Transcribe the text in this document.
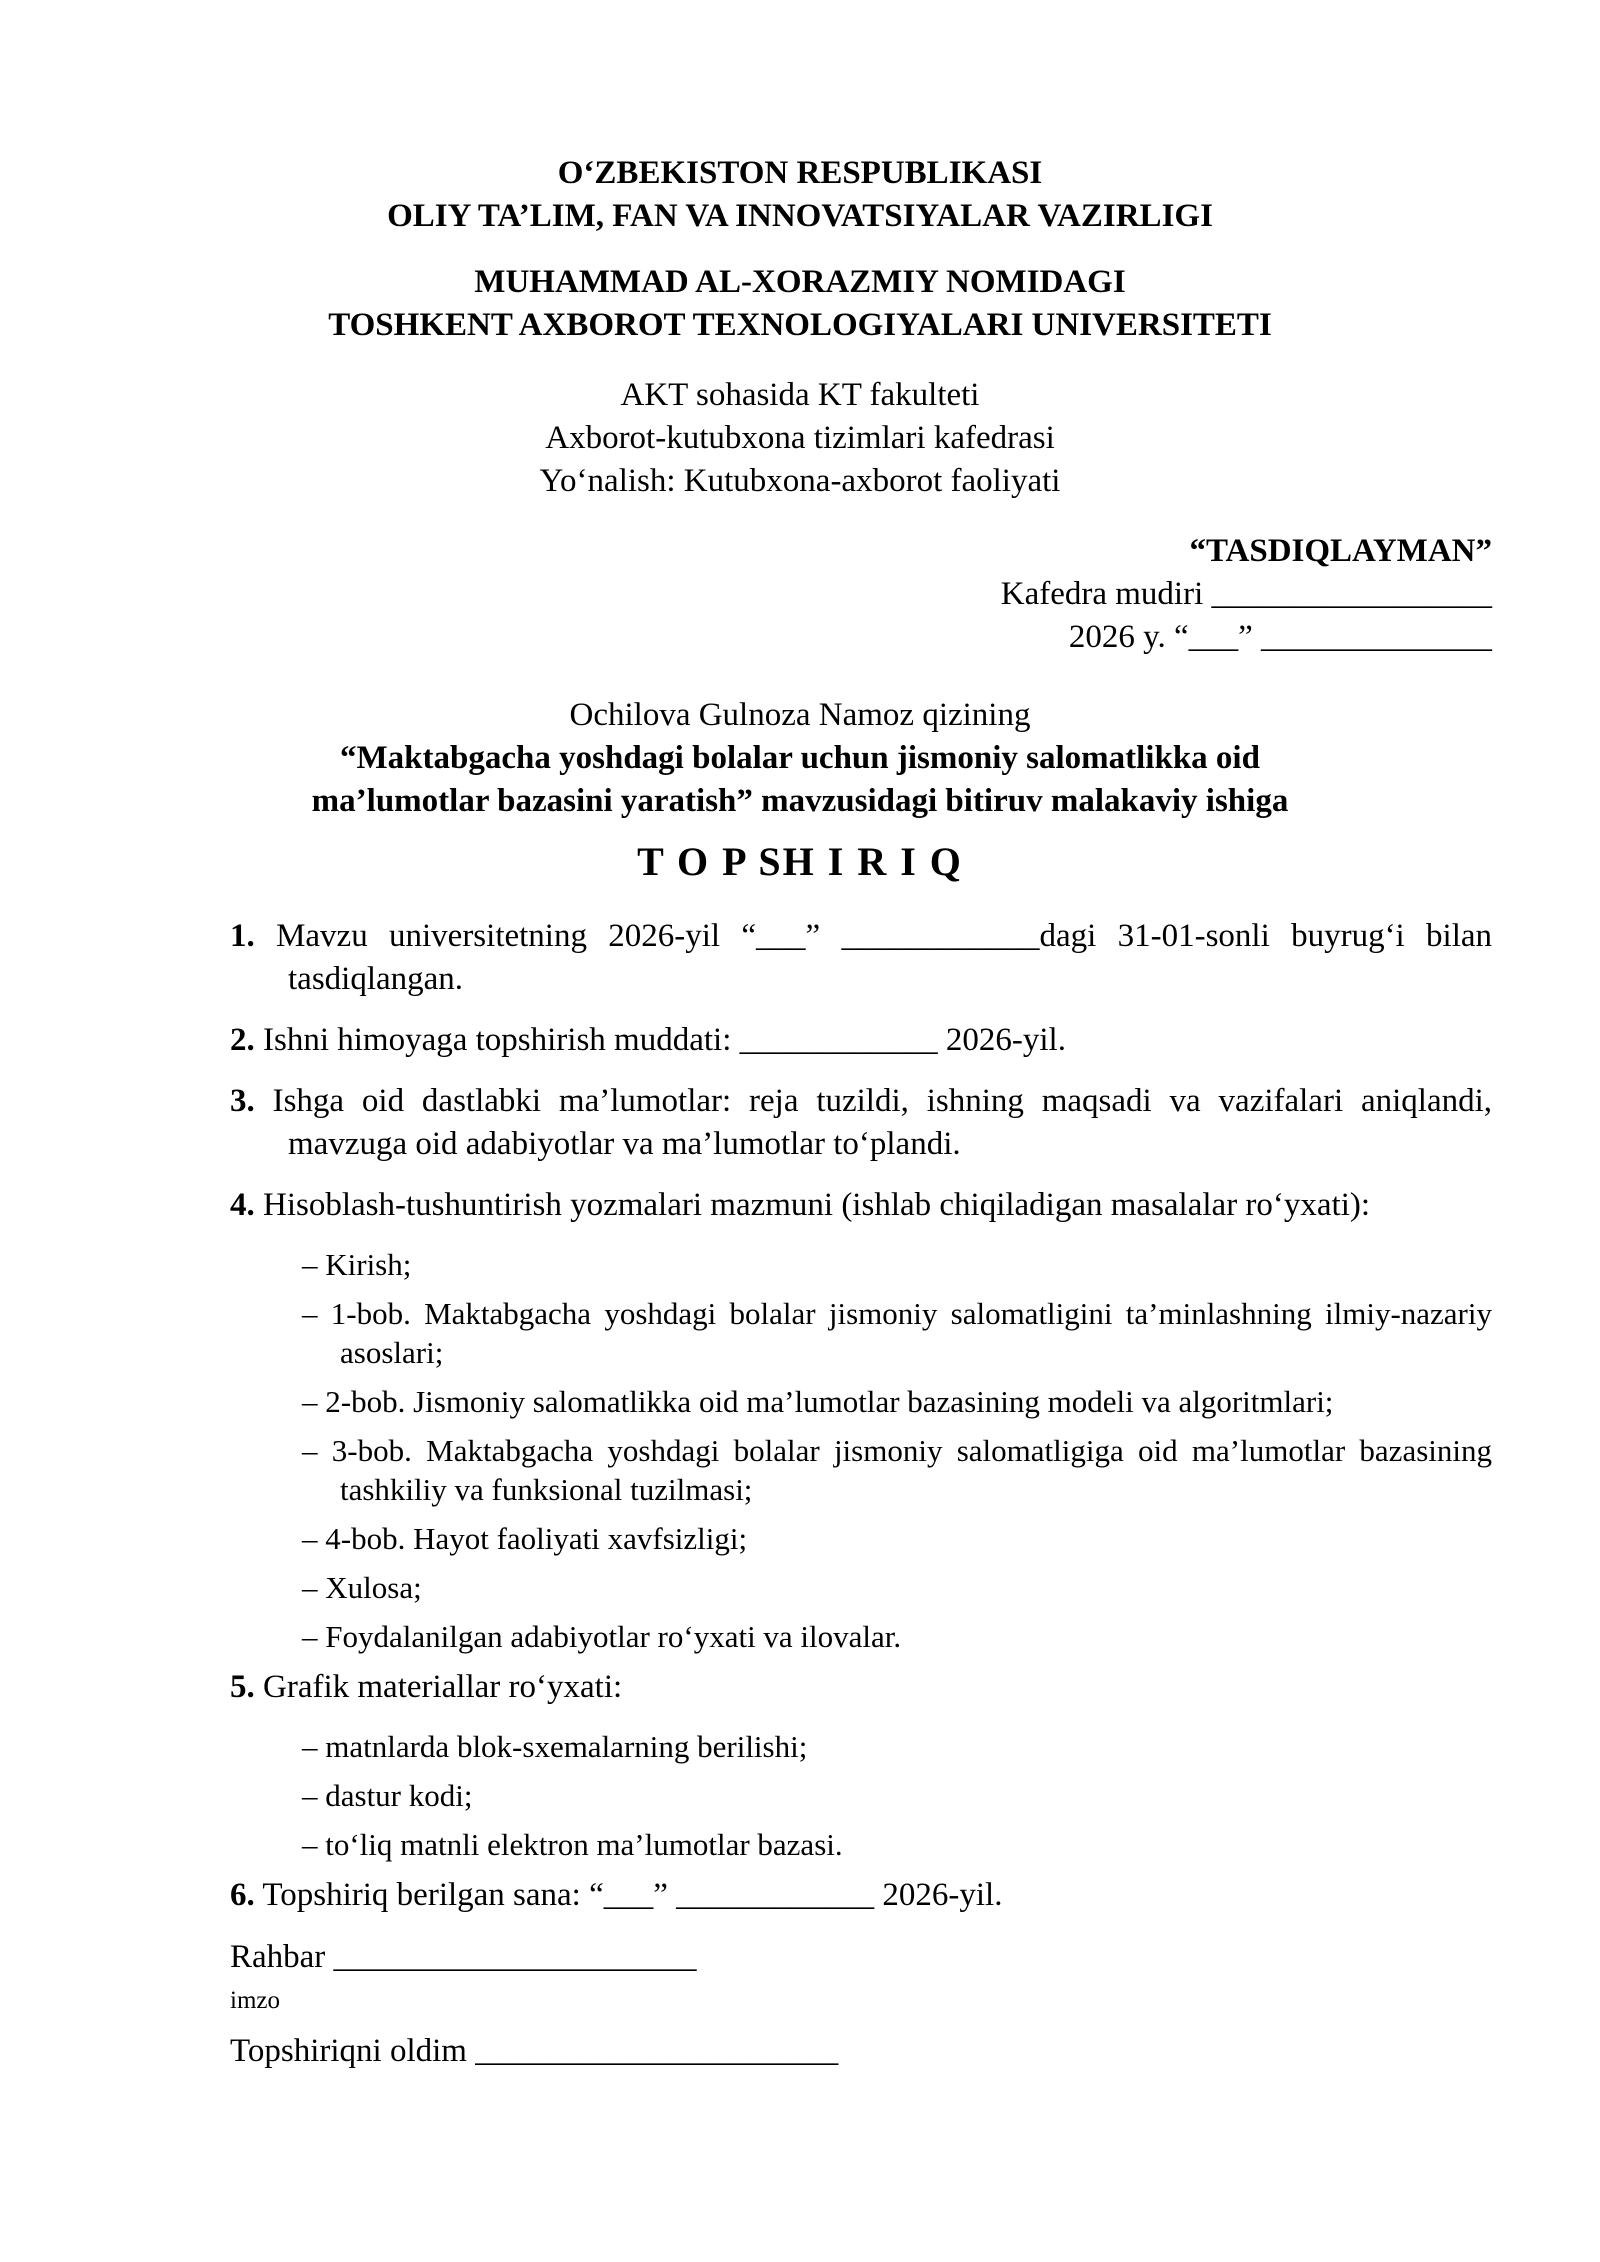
O‘ZBEKISTON RESPUBLIKASI
OLIY TA’LIM, FAN VA INNOVATSIYALAR VAZIRLIGI
MUHAMMAD AL-XORAZMIY NOMIDAGI
TOSHKENT AXBOROT TEXNOLOGIYALARI UNIVERSITETI
AKT sohasida KT fakulteti
Axborot-kutubxona tizimlari kafedrasi
Yo‘nalish: Kutubxona-axborot faoliyati
“TASDIQLAYMAN”
Kafedra mudiri _________________
2026 y. “___” ______________
Ochilova Gulnoza Namoz qizining
“Maktabgacha yoshdagi bolalar uchun jismoniy salomatlikka oid
ma’lumotlar bazasini yaratish” mavzusidagi bitiruv malakaviy ishiga
T O P SH I R I Q
1. Mavzu universitetning 2026-yil “___” ____________dagi 31-01-sonli buyrug‘i bilan tasdiqlangan.
2. Ishni himoyaga topshirish muddati: ____________ 2026-yil.
3. Ishga oid dastlabki ma’lumotlar: reja tuzildi, ishning maqsadi va vazifalari aniqlandi, mavzuga oid adabiyotlar va ma’lumotlar to‘plandi.
4. Hisoblash-tushuntirish yozmalari mazmuni (ishlab chiqiladigan masalalar ro‘yxati):
– Kirish;
– 1-bob. Maktabgacha yoshdagi bolalar jismoniy salomatligini ta’minlashning ilmiy-nazariy asoslari;
– 2-bob. Jismoniy salomatlikka oid ma’lumotlar bazasining modeli va algoritmlari;
– 3-bob. Maktabgacha yoshdagi bolalar jismoniy salomatligiga oid ma’lumotlar bazasining tashkiliy va funksional tuzilmasi;
– 4-bob. Hayot faoliyati xavfsizligi;
– Xulosa;
– Foydalanilgan adabiyotlar ro‘yxati va ilovalar.
5. Grafik materiallar ro‘yxati:
– matnlarda blok-sxemalarning berilishi;
– dastur kodi;
– to‘liq matnli elektron ma’lumotlar bazasi.
6. Topshiriq berilgan sana: “___” ____________ 2026-yil.
Rahbar ______________________
imzo
Topshiriqni oldim ______________________
